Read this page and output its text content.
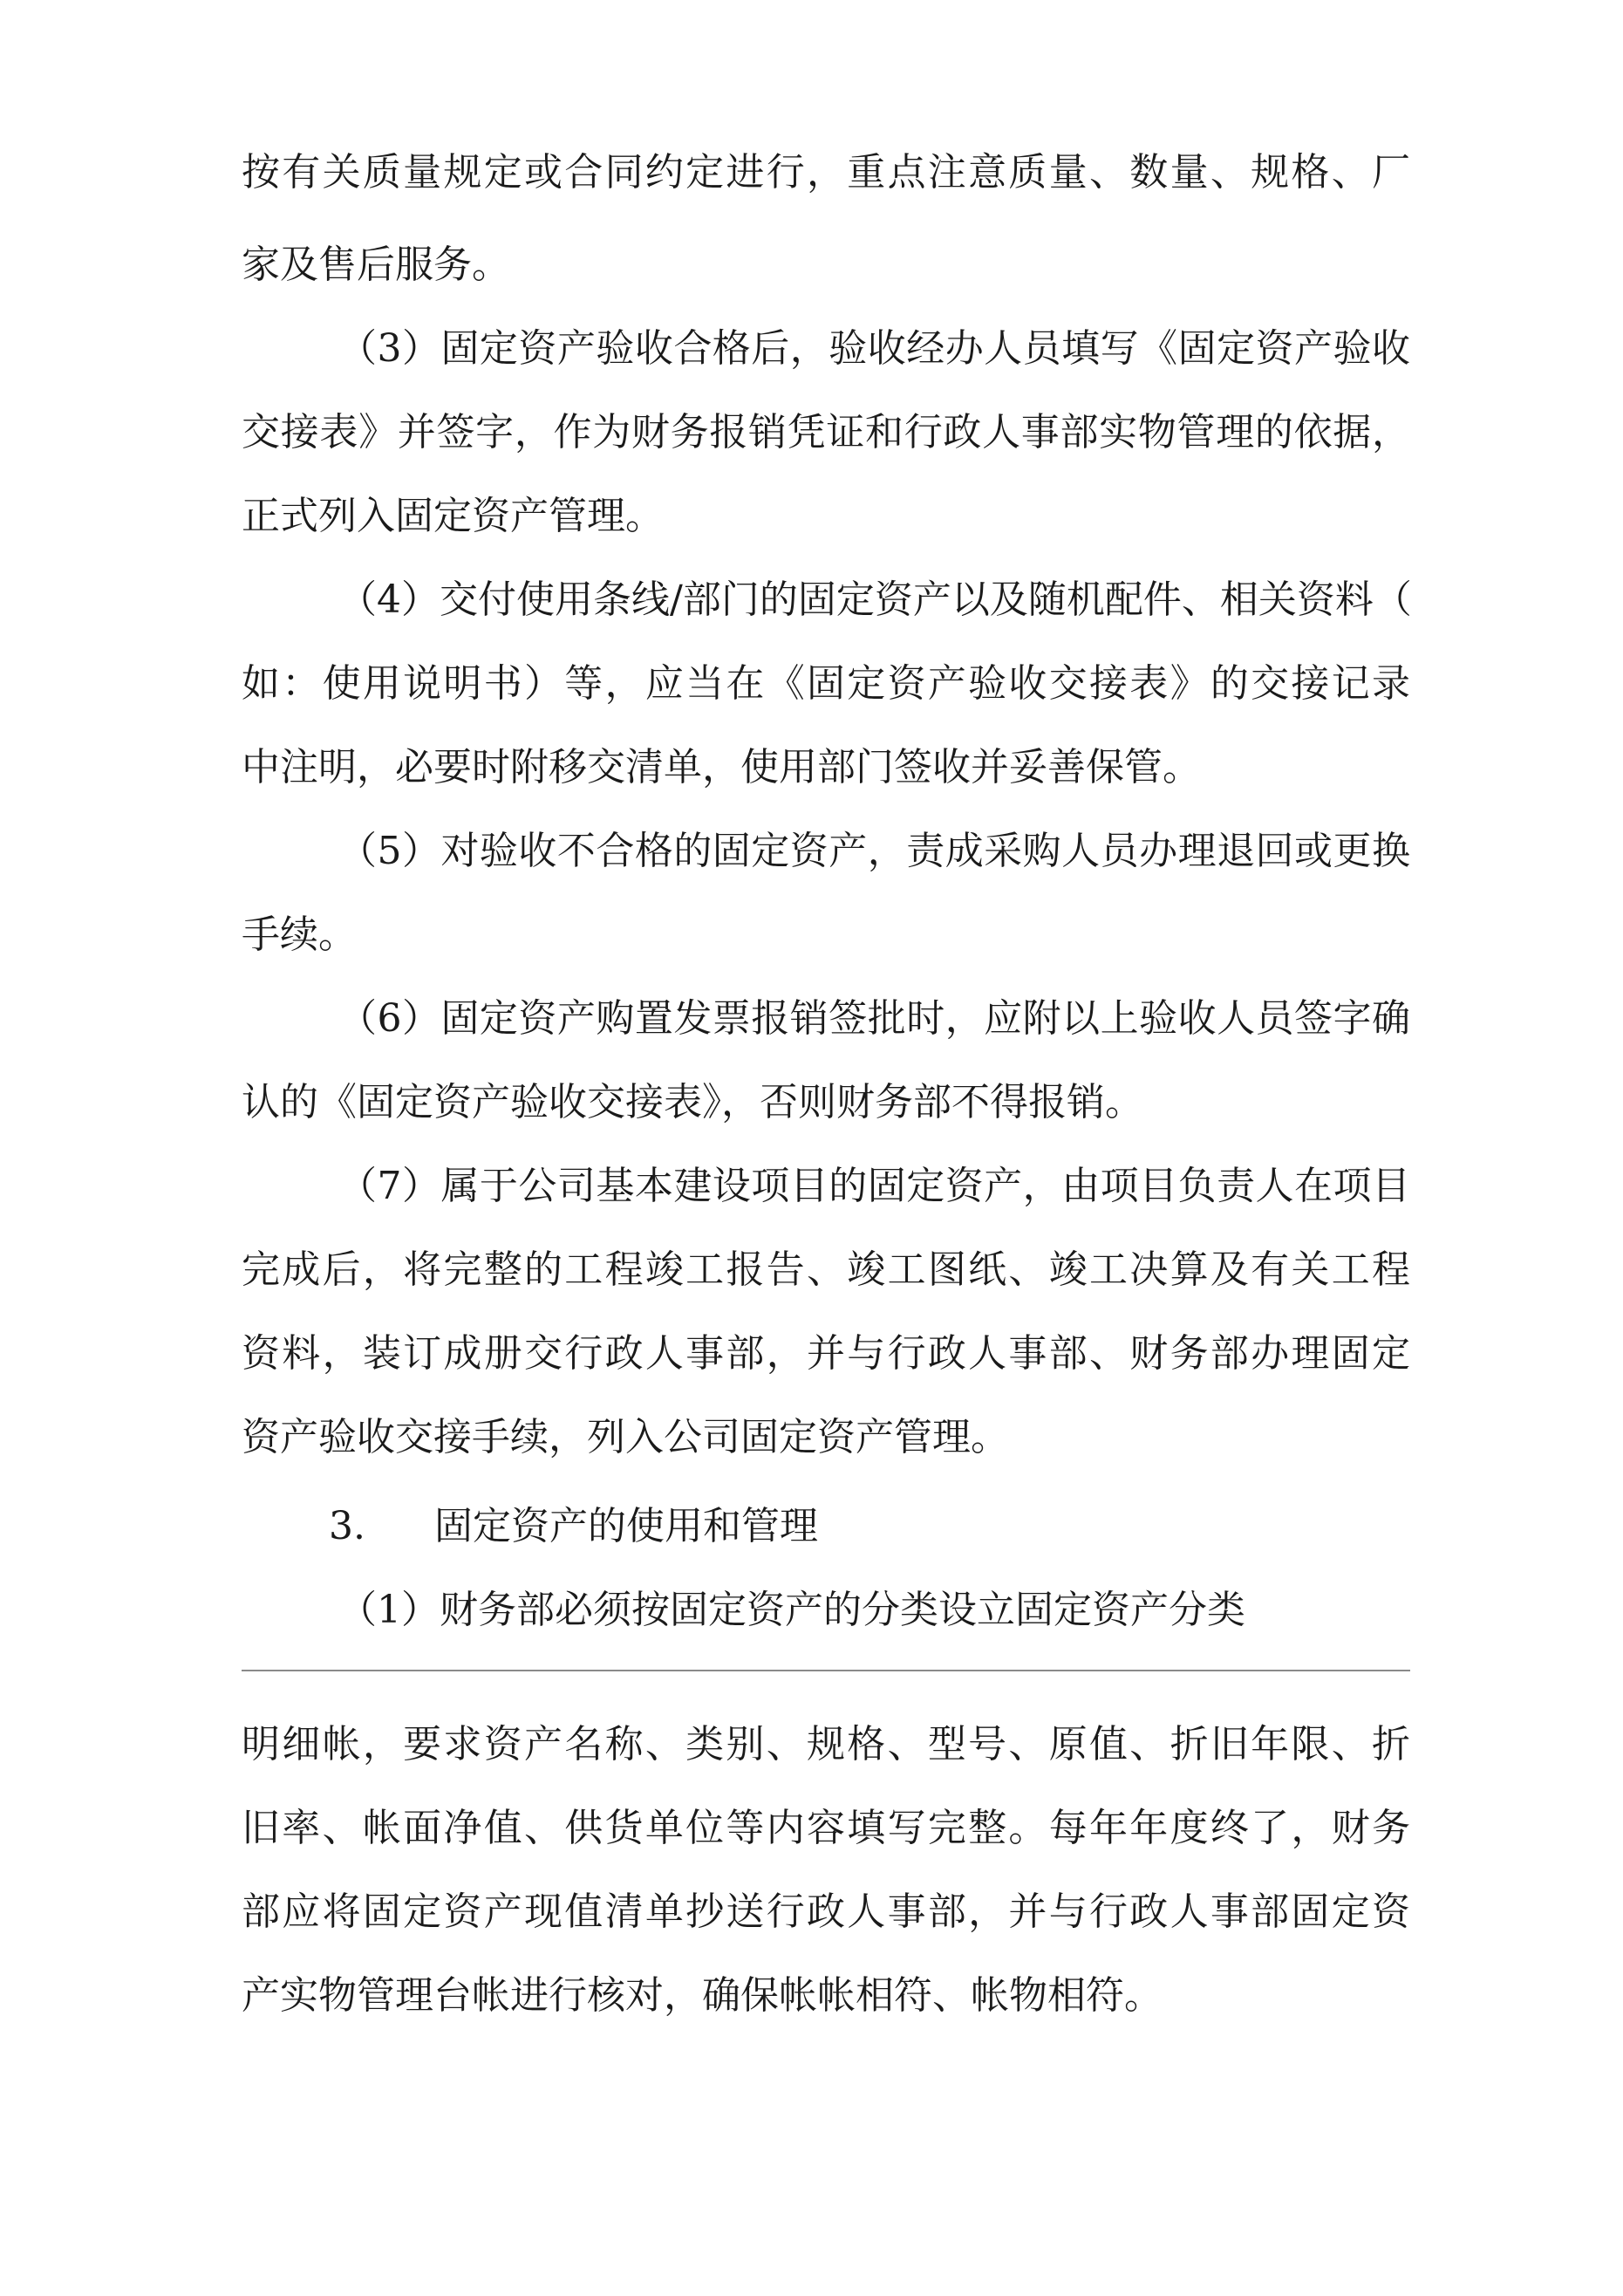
按有关质量规定或合同约定进行，重点注意质量、数量、规格、厂
家及售后服务。
（3）固定资产验收合格后，验收经办人员填写《固定资产验收
交接表》并签字，作为财务报销凭证和行政人事部实物管理的依据，
正式列入固定资产管理。
（4）交付使用条线/部门的固定资产以及随机配件、相关资料（
如：使用说明书）等，应当在《固定资产验收交接表》的交接记录
中注明，必要时附移交清单，使用部门签收并妥善保管。
（5）对验收不合格的固定资产，责成采购人员办理退回或更换
手续。
（6）固定资产购置发票报销签批时，应附以上验收人员签字确
认的《固定资产验收交接表》，否则财务部不得报销。
（7）属于公司基本建设项目的固定资产，由项目负责人在项目
完成后，将完整的工程竣工报告、竣工图纸、竣工决算及有关工程
资料，装订成册交行政人事部，并与行政人事部、财务部办理固定
资产验收交接手续，列入公司固定资产管理。
3. 固定资产的使用和管理
（1）财务部必须按固定资产的分类设立固定资产分类
明细帐，要求资产名称、类别、规格、型号、原值、折旧年限、折
旧率、帐面净值、供货单位等内容填写完整。每年年度终了，财务
部应将固定资产现值清单抄送行政人事部，并与行政人事部固定资
产实物管理台帐进行核对，确保帐帐相符、帐物相符。
